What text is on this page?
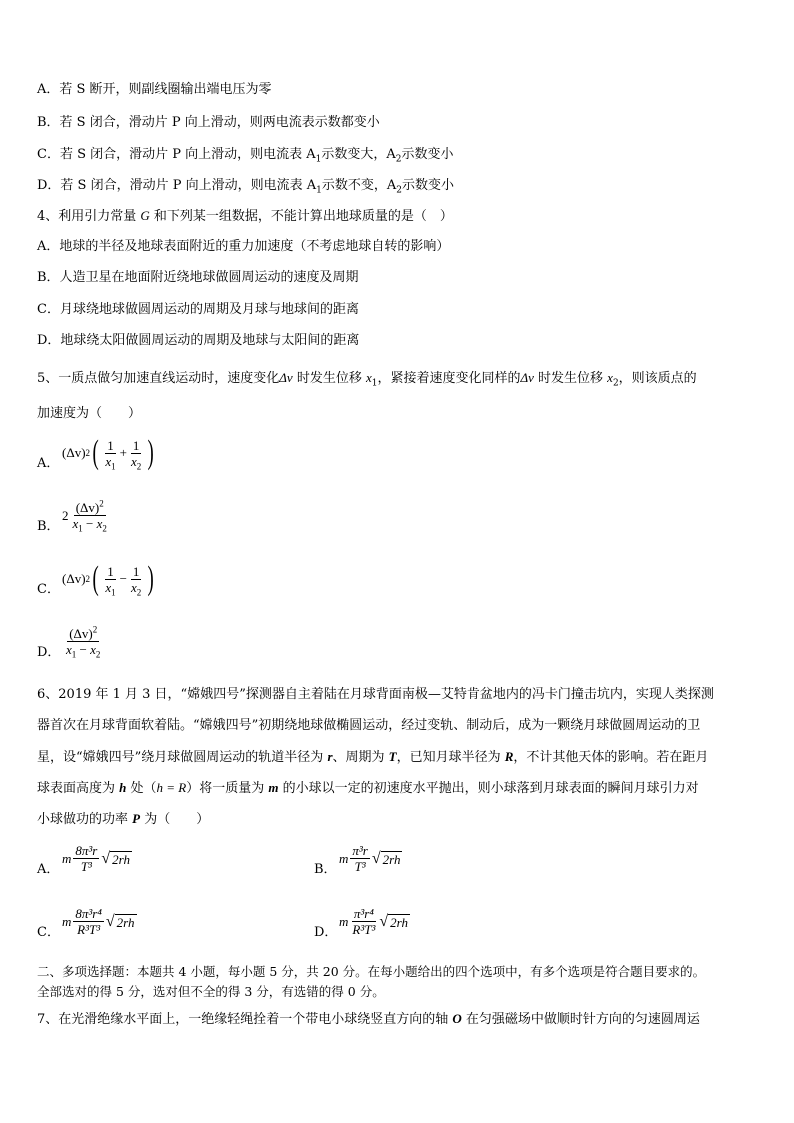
A．若 S 断开，则副线圈输出端电压为零
B．若 S 闭合，滑动片 P 向上滑动，则两电流表示数都变小
C．若 S 闭合，滑动片 P 向上滑动，则电流表 $A_1$示数变大，$A_2$示数变小
D．若 S 闭合，滑动片 P 向上滑动，则电流表 $A_1$示数不变，$A_2$示数变小
4、利用引力常量 G 和下列某一组数据，不能计算出地球质量的是（　）
A．地球的半径及地球表面附近的重力加速度（不考虑地球自转的影响）
B．人造卫星在地面附近绕地球做圆周运动的速度及周期
C．月球绕地球做圆周运动的周期及月球与地球间的距离
D．地球绕太阳做圆周运动的周期及地球与太阳间的距离
5、一质点做匀加速直线运动时，速度变化Δv 时发生位移 $x_1$，紧接着速度变化同样的Δv 时发生位移 $x_2$，则该质点的
加速度为（　　）
A．
(Δv) 2 ( $\frac{1}{x_1} + \frac{1}{x_2}$ )
B．
$2 \frac{(\Delta v)^2}{x_1 - x_2}$
C．
(Δv) 2 ( $\frac{1}{x_1} - \frac{1}{x_2}$ )
D． $\frac{(\Delta v)^2}{x_1 - x_2}$
6、2019 年 1 月 3 日，“嫦娥四号”探测器自主着陆在月球背面南极—艾特肯盆地内的冯卡门撞击坑内，实现人类探测
器首次在月球背面软着陆。“嫦娥四号”初期绕地球做椭圆运动，经过变轨、制动后，成为一颗绕月球做圆周运动的卫
星，设“嫦娥四号”绕月球做圆周运动的轨道半径为 r、周期为 T，已知月球半径为 R，不计其他天体的影响。若在距月
球表面高度为 h 处（h = R）将一质量为 m 的小球以一定的初速度水平抛出，则小球落到月球表面的瞬间月球引力对
小球做功的功率 P 为（　　）
A．
m $\frac{\text{8π³r}}{\text{T³}}$ √ 2rh
B．
m $\frac{\text{π³r}}{\text{T³}}$ √ 2rh
C．
m $\frac{\text{8π³r⁴}}{\text{R³T³}}$ √ 2rh
D．
m $\frac{\text{π³r⁴}}{\text{R³T³}}$ √ 2rh
二、多项选择题：本题共 4 小题，每小题 5 分，共 20 分。在每小题给出的四个选项中，有多个选项是符合题目要求的。
全部选对的得 5 分，选对但不全的得 3 分，有选错的得 0 分。
7、在光滑绝缘水平面上，一绝缘轻绳拴着一个带电小球绕竖直方向的轴 O 在匀强磁场中做顺时针方向的匀速圆周运
